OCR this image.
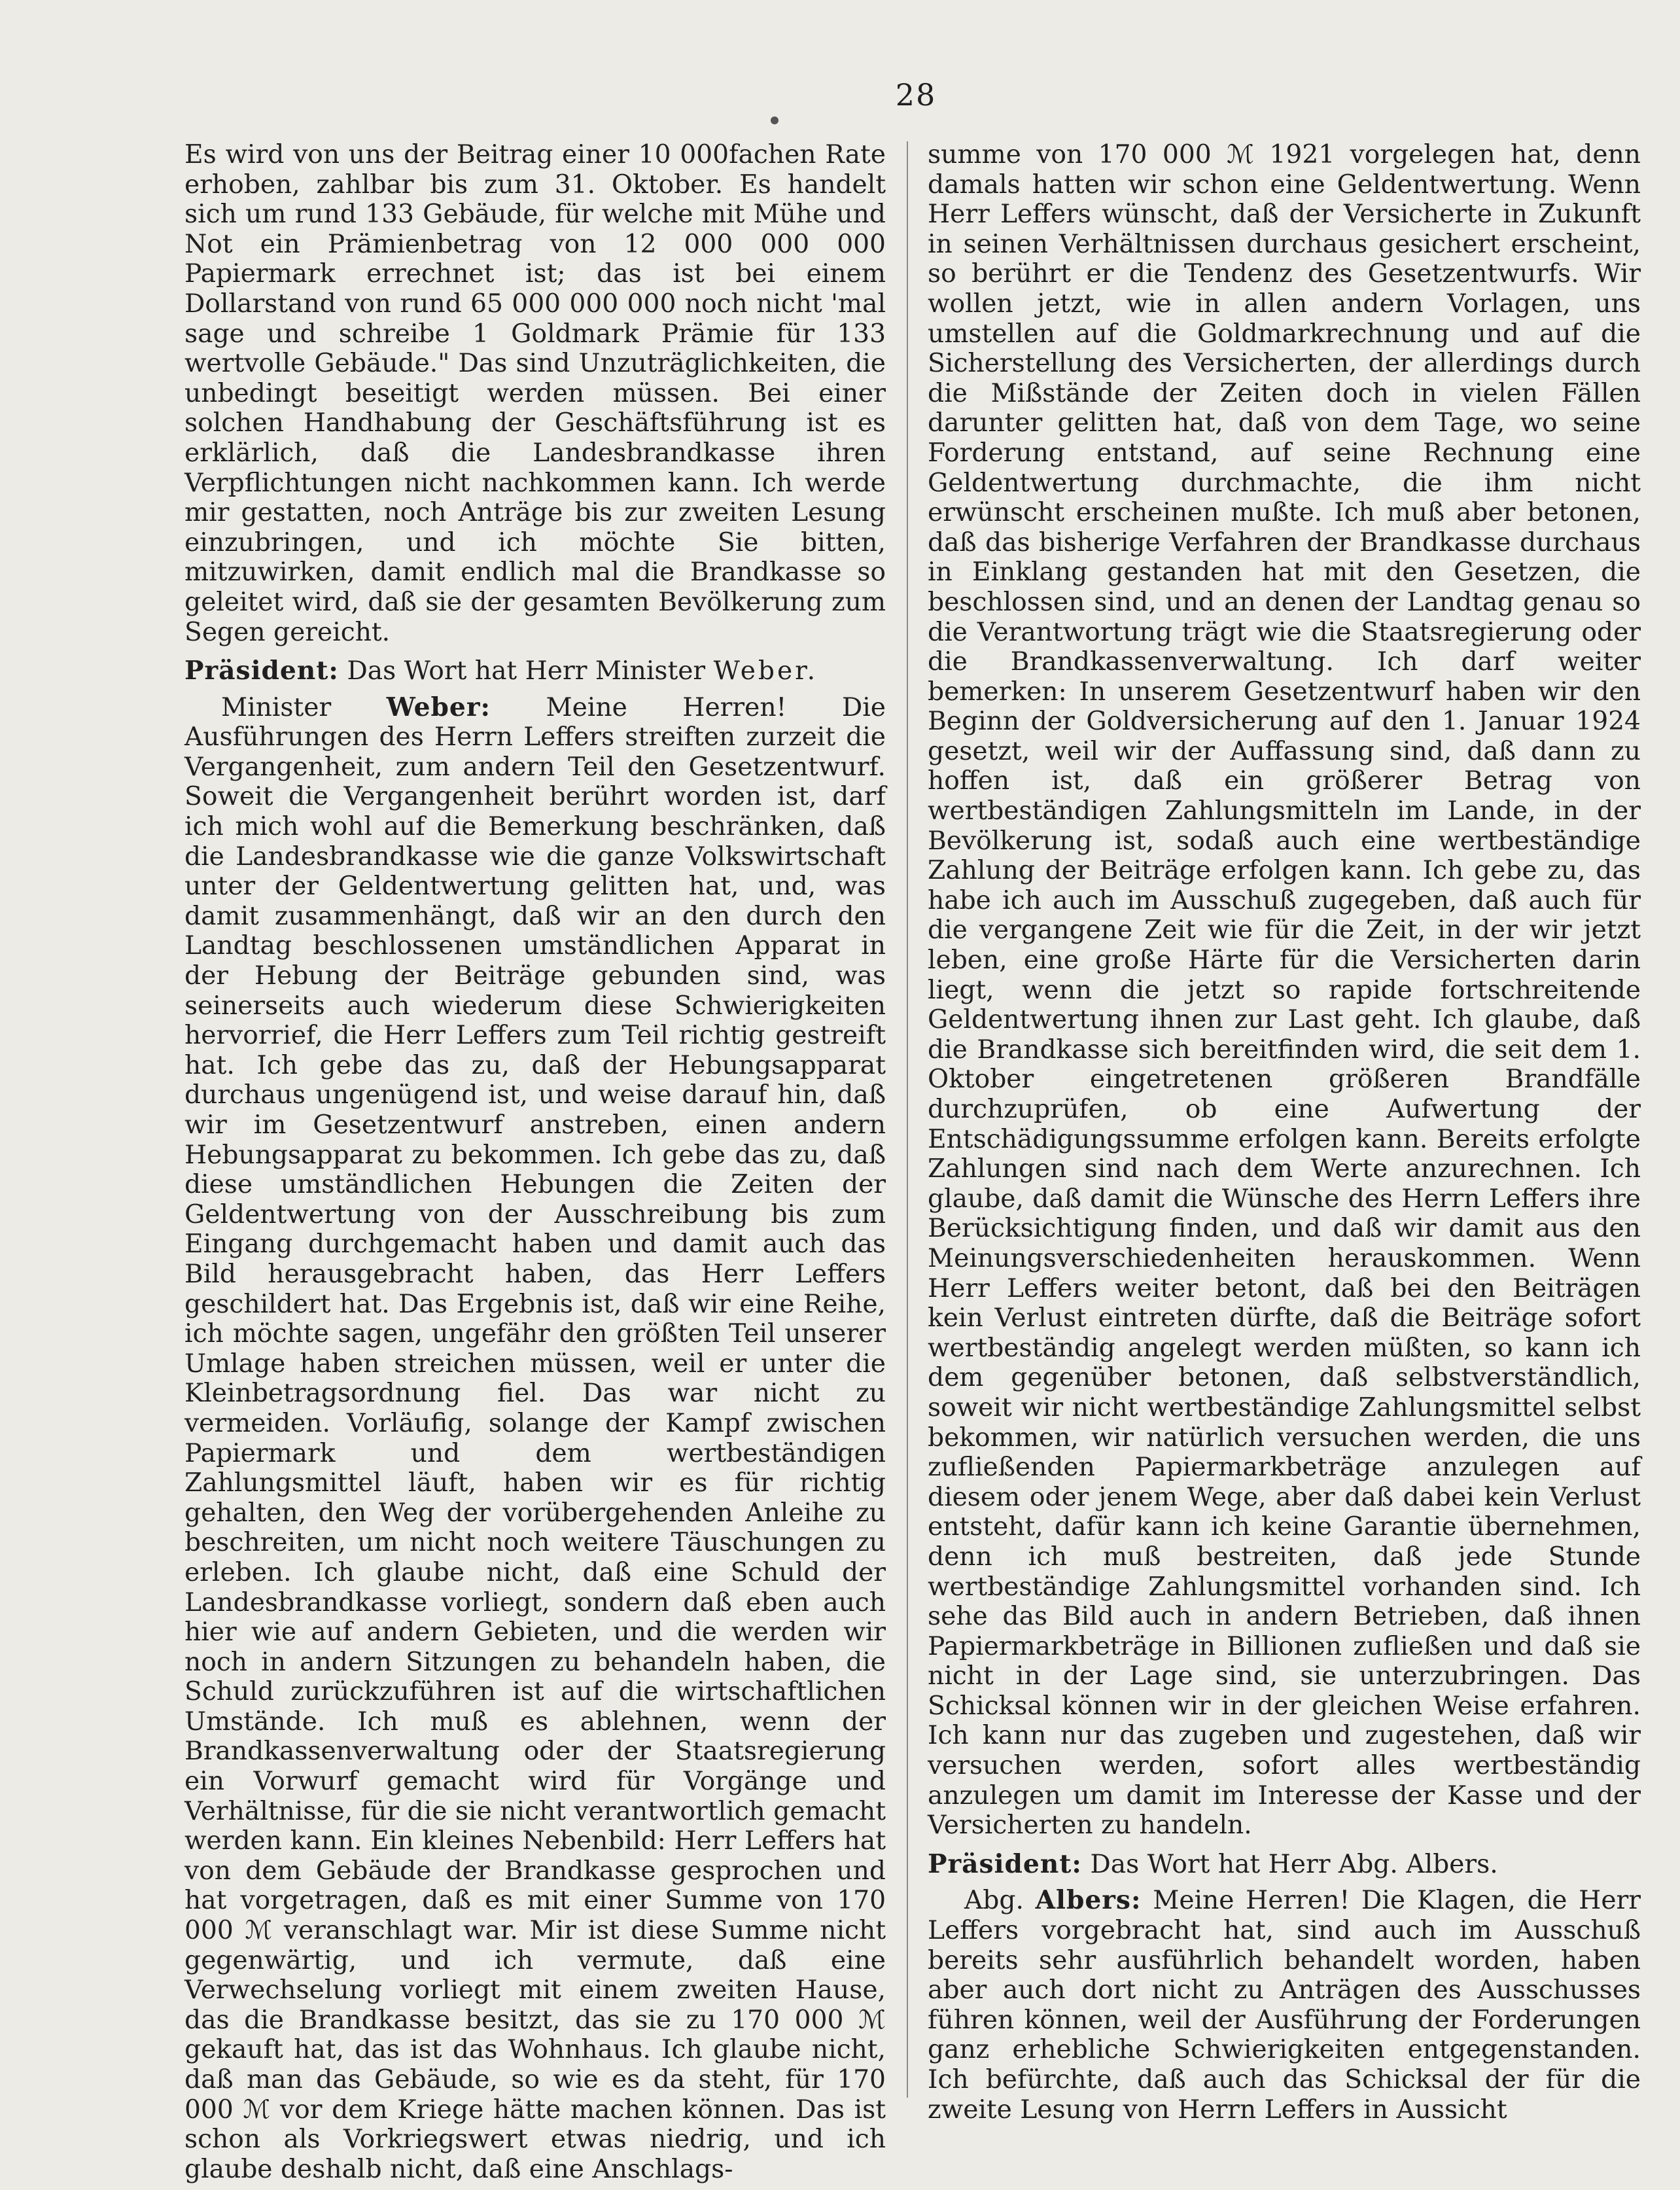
28

Es wird von uns der Beitrag einer 10 000fachen Rate erhoben, zahlbar bis zum 31. Oktober. Es handelt sich um rund 133 Gebäude, für welche mit Mühe und Not ein Prämienbetrag von 12 000 000 000 Papiermark errechnet ist; das ist bei einem Dollarstand von rund 65 000 000 000 noch nicht 'mal sage und schreibe 1 Goldmark Prämie für 133 wertvolle Gebäude." Das sind Unzuträglichkeiten, die unbedingt beseitigt werden müssen. Bei einer solchen Handhabung der Geschäftsführung ist es erklärlich, daß die Landesbrandkasse ihren Verpflichtungen nicht nachkommen kann. Ich werde mir gestatten, noch Anträge bis zur zweiten Lesung einzubringen, und ich möchte Sie bitten, mitzuwirken, damit endlich mal die Brandkasse so geleitet wird, daß sie der gesamten Bevölkerung zum Segen gereicht.

Präsident: Das Wort hat Herr Minister Weber.

Minister Weber: Meine Herren! Die Ausführungen des Herrn Leffers streiften zurzeit die Vergangenheit, zum andern Teil den Gesetzentwurf. Soweit die Vergangenheit berührt worden ist, darf ich mich wohl auf die Bemerkung beschränken, daß die Landesbrandkasse wie die ganze Volkswirtschaft unter der Geldentwertung gelitten hat, und, was damit zusammenhängt, daß wir an den durch den Landtag beschlossenen umständlichen Apparat in der Hebung der Beiträge gebunden sind, was seinerseits auch wiederum diese Schwierigkeiten hervorrief, die Herr Leffers zum Teil richtig gestreift hat. Ich gebe das zu, daß der Hebungsapparat durchaus ungenügend ist, und weise darauf hin, daß wir im Gesetzentwurf anstreben, einen andern Hebungsapparat zu bekommen. Ich gebe das zu, daß diese umständlichen Hebungen die Zeiten der Geldentwertung von der Ausschreibung bis zum Eingang durchgemacht haben und damit auch das Bild herausgebracht haben, das Herr Leffers geschildert hat. Das Ergebnis ist, daß wir eine Reihe, ich möchte sagen, ungefähr den größten Teil unserer Umlage haben streichen müssen, weil er unter die Kleinbetragsordnung fiel. Das war nicht zu vermeiden. Vorläufig, solange der Kampf zwischen Papiermark und dem wertbeständigen Zahlungsmittel läuft, haben wir es für richtig gehalten, den Weg der vorübergehenden Anleihe zu beschreiten, um nicht noch weitere Täuschungen zu erleben. Ich glaube nicht, daß eine Schuld der Landesbrandkasse vorliegt, sondern daß eben auch hier wie auf andern Gebieten, und die werden wir noch in andern Sitzungen zu behandeln haben, die Schuld zurückzuführen ist auf die wirtschaftlichen Umstände. Ich muß es ablehnen, wenn der Brandkassenverwaltung oder der Staatsregierung ein Vorwurf gemacht wird für Vorgänge und Verhältnisse, für die sie nicht verantwortlich gemacht werden kann. Ein kleines Nebenbild: Herr Leffers hat von dem Gebäude der Brandkasse gesprochen und hat vorgetragen, daß es mit einer Summe von 170 000 ℳ veranschlagt war. Mir ist diese Summe nicht gegenwärtig, und ich vermute, daß eine Verwechselung vorliegt mit einem zweiten Hause, das die Brandkasse besitzt, das sie zu 170 000 ℳ gekauft hat, das ist das Wohnhaus. Ich glaube nicht, daß man das Gebäude, so wie es da steht, für 170 000 ℳ vor dem Kriege hätte machen können. Das ist schon als Vorkriegswert etwas niedrig, und ich glaube deshalb nicht, daß eine Anschlags-

summe von 170 000 ℳ 1921 vorgelegen hat, denn damals hatten wir schon eine Geldentwertung. Wenn Herr Leffers wünscht, daß der Versicherte in Zukunft in seinen Verhältnissen durchaus gesichert erscheint, so berührt er die Tendenz des Gesetzentwurfs. Wir wollen jetzt, wie in allen andern Vorlagen, uns umstellen auf die Goldmarkrechnung und auf die Sicherstellung des Versicherten, der allerdings durch die Mißstände der Zeiten doch in vielen Fällen darunter gelitten hat, daß von dem Tage, wo seine Forderung entstand, auf seine Rechnung eine Geldentwertung durchmachte, die ihm nicht erwünscht erscheinen mußte. Ich muß aber betonen, daß das bisherige Verfahren der Brandkasse durchaus in Einklang gestanden hat mit den Gesetzen, die beschlossen sind, und an denen der Landtag genau so die Verantwortung trägt wie die Staatsregierung oder die Brandkassenverwaltung. Ich darf weiter bemerken: In unserem Gesetzentwurf haben wir den Beginn der Goldversicherung auf den 1. Januar 1924 gesetzt, weil wir der Auffassung sind, daß dann zu hoffen ist, daß ein größerer Betrag von wertbeständigen Zahlungsmitteln im Lande, in der Bevölkerung ist, sodaß auch eine wertbeständige Zahlung der Beiträge erfolgen kann. Ich gebe zu, das habe ich auch im Ausschuß zugegeben, daß auch für die vergangene Zeit wie für die Zeit, in der wir jetzt leben, eine große Härte für die Versicherten darin liegt, wenn die jetzt so rapide fortschreitende Geldentwertung ihnen zur Last geht. Ich glaube, daß die Brandkasse sich bereitfinden wird, die seit dem 1. Oktober eingetretenen größeren Brandfälle durchzuprüfen, ob eine Aufwertung der Entschädigungssumme erfolgen kann. Bereits erfolgte Zahlungen sind nach dem Werte anzurechnen. Ich glaube, daß damit die Wünsche des Herrn Leffers ihre Berücksichtigung finden, und daß wir damit aus den Meinungsverschiedenheiten herauskommen. Wenn Herr Leffers weiter betont, daß bei den Beiträgen kein Verlust eintreten dürfte, daß die Beiträge sofort wertbeständig angelegt werden müßten, so kann ich dem gegenüber betonen, daß selbstverständlich, soweit wir nicht wertbeständige Zahlungsmittel selbst bekommen, wir natürlich versuchen werden, die uns zufließenden Papiermarkbeträge anzulegen auf diesem oder jenem Wege, aber daß dabei kein Verlust entsteht, dafür kann ich keine Garantie übernehmen, denn ich muß bestreiten, daß jede Stunde wertbeständige Zahlungsmittel vorhanden sind. Ich sehe das Bild auch in andern Betrieben, daß ihnen Papiermarkbeträge in Billionen zufließen und daß sie nicht in der Lage sind, sie unterzubringen. Das Schicksal können wir in der gleichen Weise erfahren. Ich kann nur das zugeben und zugestehen, daß wir versuchen werden, sofort alles wertbeständig anzulegen um damit im Interesse der Kasse und der Versicherten zu handeln.

Präsident: Das Wort hat Herr Abg. Albers.

Abg. Albers: Meine Herren! Die Klagen, die Herr Leffers vorgebracht hat, sind auch im Ausschuß bereits sehr ausführlich behandelt worden, haben aber auch dort nicht zu Anträgen des Ausschusses führen können, weil der Ausführung der Forderungen ganz erhebliche Schwierigkeiten entgegenstanden. Ich befürchte, daß auch das Schicksal der für die zweite Lesung von Herrn Leffers in Aussicht
